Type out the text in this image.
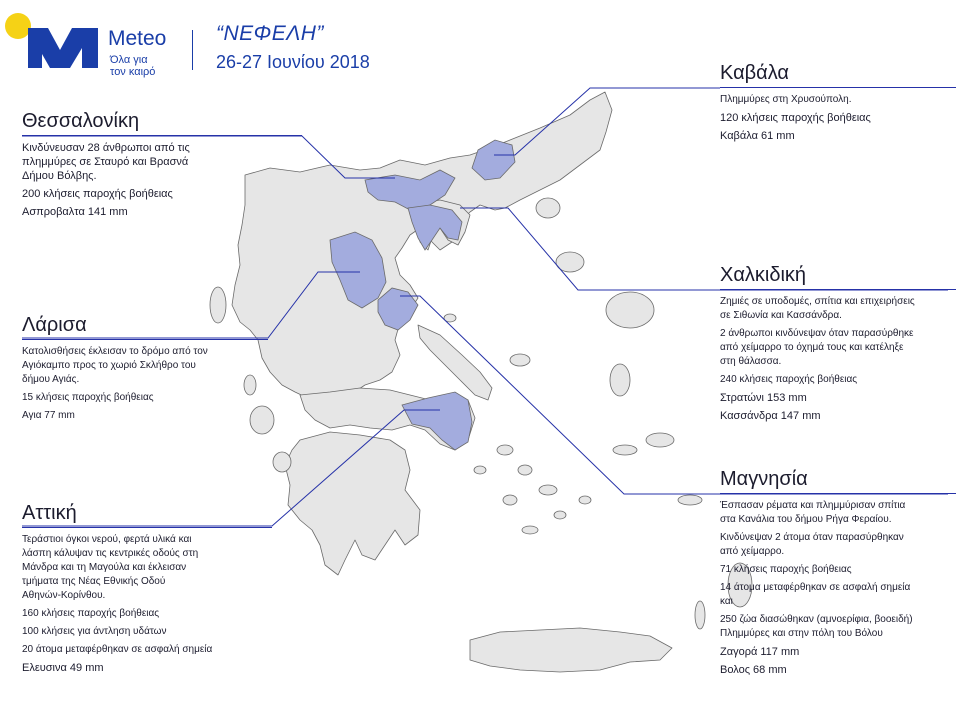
Meteo
Όλα για
τον καιρό
“ΝΕΦΕΛΗ”
26-27 Ιουνίου 2018	Καβάλα
Πλημμύρες στη Χρυσούπολη.
120 κλήσεις παροχής βοήθειας
Καβάλα 61 mm
Θεσσαλονίκη
Κινδύνευσαν 28 άνθρωποι από τις
πλημμύρες σε Σταυρό και Βρασνά
Δήμου Βόλβης.
200 κλήσεις παροχής βοήθειας
Ασπροβαλτα 141 mm
Χαλκιδική
Ζημιές σε υποδομές, σπίτια και επιχειρήσεις
σε Σιθωνία και Κασσάνδρα.
2 άνθρωποι κινδύνεψαν όταν παρασύρθηκε
από χείμαρρο το όχημά τους και κατέληξε
στη θάλασσα.
240 κλήσεις παροχής βοήθειας
Στρατώνι 153 mm
Κασσάνδρα 147 mm
Λάρισα
Κατολισθήσεις έκλεισαν το δρόμο από τον
Αγιόκαμπο προς το χωριό Σκλήθρο του
δήμου Αγιάς.
15 κλήσεις παροχής βοήθειας
Αγια 77 mm
Μαγνησία
Έσπασαν ρέματα και πλημμύρισαν σπίτια
στα Κανάλια του δήμου Ρήγα Φεραίου.
Κινδύνεψαν 2 άτομα όταν παρασύρθηκαν
από χείμαρρο.
71 κλήσεις παροχής βοήθειας
14 άτομα μεταφέρθηκαν σε ασφαλή σημεία
και
250 ζώα διασώθηκαν (αμνοερίφια, βοοειδή)
Πλημμύρες και στην πόλη του Βόλου
Ζαγορά 117 mm
Βολος 68 mm
Αττική
Τεράστιοι όγκοι νερού, φερτά υλικά και
λάσπη κάλυψαν τις κεντρικές οδούς στη
Μάνδρα και τη Μαγούλα και έκλεισαν
τμήματα της Νέας Εθνικής Οδού
Αθηνών-Κορίνθου.
160 κλήσεις παροχής βοήθειας
100 κλήσεις για άντληση υδάτων
20 άτομα μεταφέρθηκαν σε ασφαλή σημεία
Ελευσινα 49 mm
